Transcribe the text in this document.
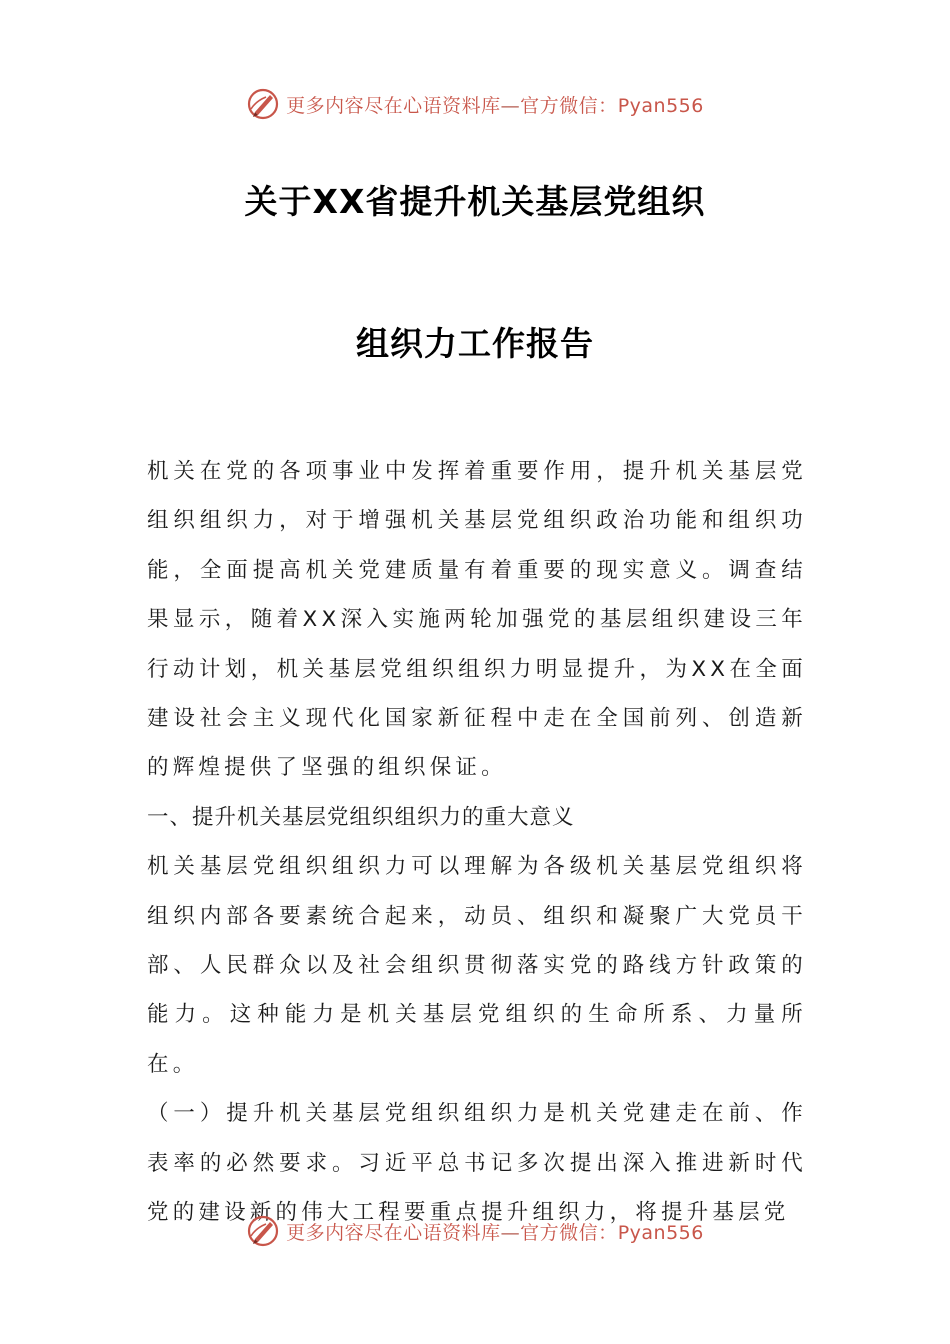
更多内容尽在心语资料库—官方微信：Pyan556
关于XX省提升机关基层党组织
组织力工作报告

机关在党的各项事业中发挥着重要作用，提升机关基层党组织组织力，对于增强机关基层党组织政治功能和组织功能，全面提高机关党建质量有着重要的现实意义。调查结果显示，随着XX深入实施两轮加强党的基层组织建设三年行动计划，机关基层党组织组织力明显提升，为XX在全面建设社会主义现代化国家新征程中走在全国前列、创造新的辉煌提供了坚强的组织保证。

一、提升机关基层党组织组织力的重大意义

机关基层党组织组织力可以理解为各级机关基层党组织将组织内部各要素统合起来，动员、组织和凝聚广大党员干部、人民群众以及社会组织贯彻落实党的路线方针政策的能力。这种能力是机关基层党组织的生命所系、力量所在。

（一）提升机关基层党组织组织力是机关党建走在前、作表率的必然要求。习近平总书记多次提出深入推进新时代党的建设新的伟大工程要重点提升组织力，将提升基层党

更多内容尽在心语资料库—官方微信：Pyan556
